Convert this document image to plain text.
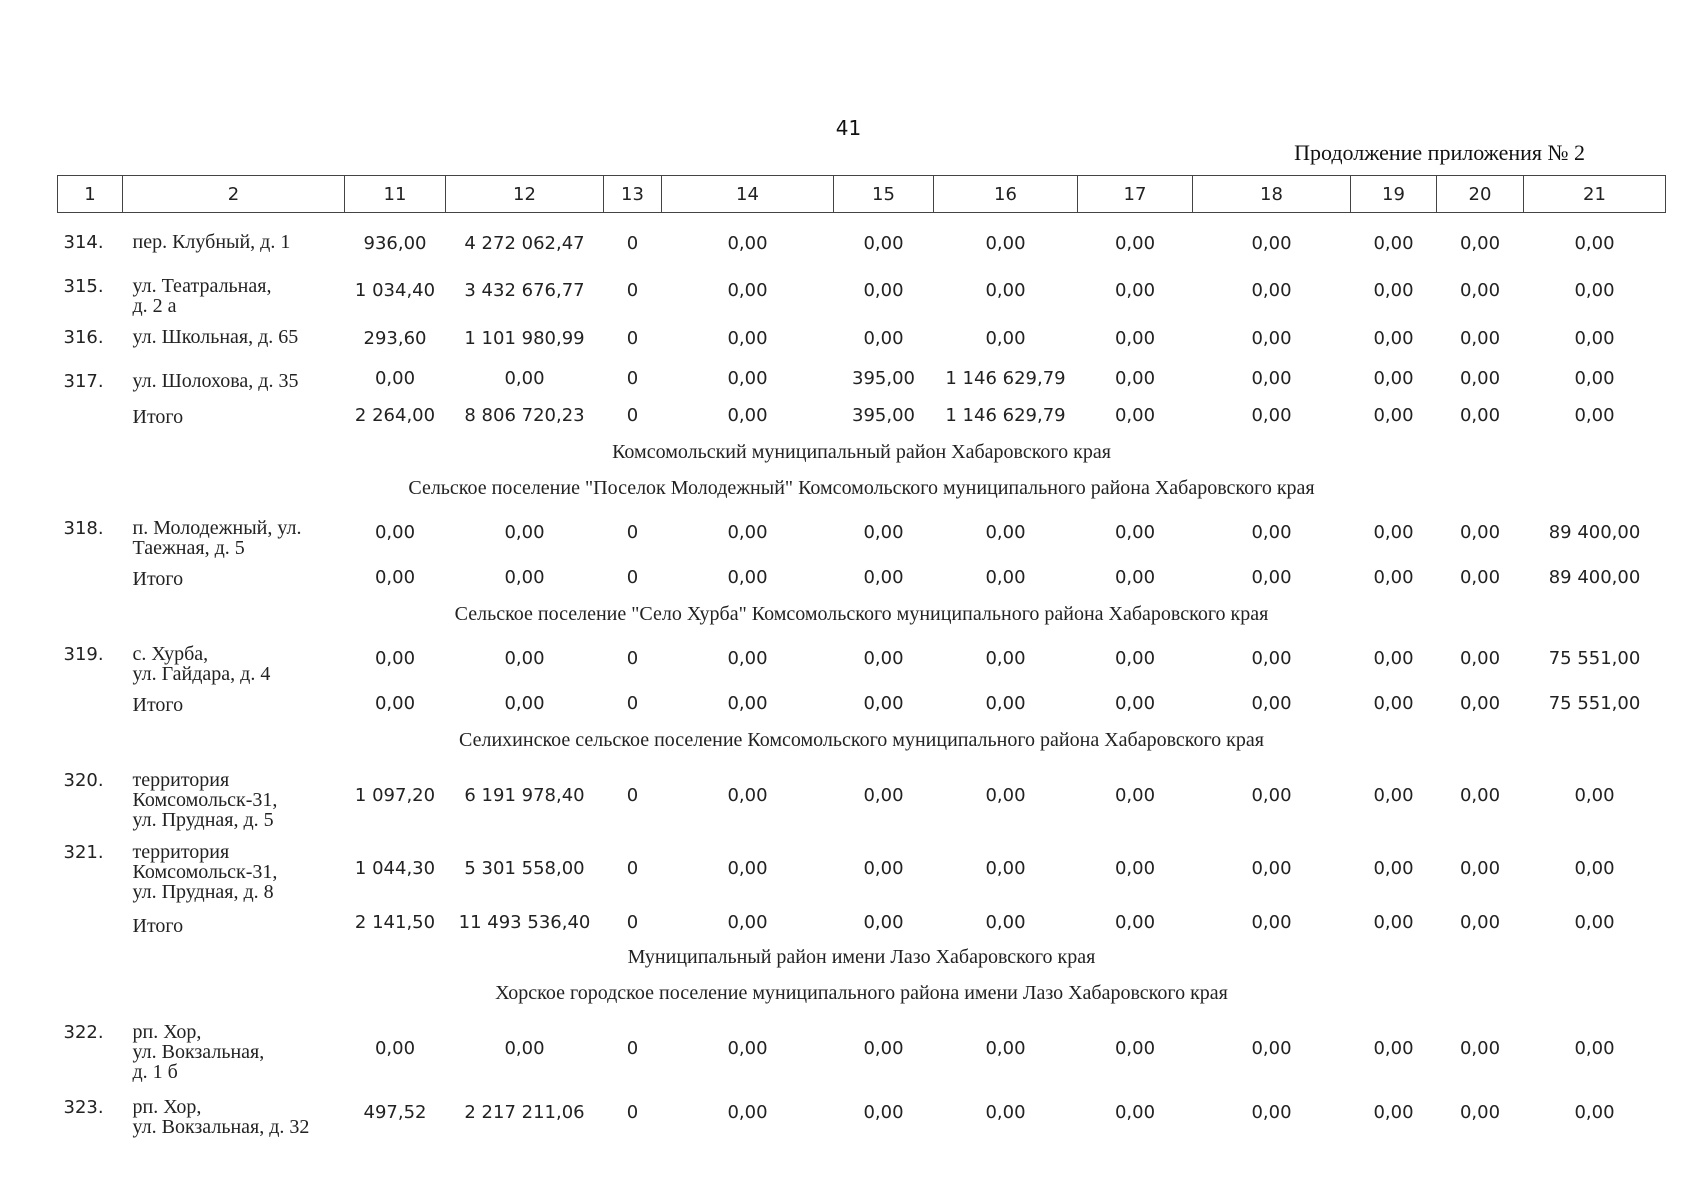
41
Продолжение приложения № 2
1	2	11	12	13	14	15	16	17	18	19	20	21

314.	пер. Клубный, д. 1	936,00	4 272 062,47	0	0,00	0,00	0,00	0,00	0,00	0,00	0,00	0,00
315.	ул. Театральная,
д. 2 а	1 034,40	3 432 676,77	0	0,00	0,00	0,00	0,00	0,00	0,00	0,00	0,00
316.	ул. Школьная, д. 65	293,60	1 101 980,99	0	0,00	0,00	0,00	0,00	0,00	0,00	0,00	0,00
317.	ул. Шолохова, д. 35	0,00	0,00	0	0,00	395,00	1 146 629,79	0,00	0,00	0,00	0,00	0,00
	Итого	2 264,00	8 806 720,23	0	0,00	395,00	1 146 629,79	0,00	0,00	0,00	0,00	0,00
Комсомольский муниципальный район Хабаровского края												
Сельское поселение "Поселок Молодежный" Комсомольского муниципального района Хабаровского края												
318.	п. Молодежный, ул.
Таежная, д. 5	0,00	0,00	0	0,00	0,00	0,00	0,00	0,00	0,00	0,00	89 400,00
	Итого	0,00	0,00	0	0,00	0,00	0,00	0,00	0,00	0,00	0,00	89 400,00
Сельское поселение "Село Хурба" Комсомольского муниципального района Хабаровского края												
319.	с. Хурба,
ул. Гайдара, д. 4	0,00	0,00	0	0,00	0,00	0,00	0,00	0,00	0,00	0,00	75 551,00
	Итого	0,00	0,00	0	0,00	0,00	0,00	0,00	0,00	0,00	0,00	75 551,00
Селихинское сельское поселение Комсомольского муниципального района Хабаровского края												
320.	территория
Комсомольск-31,
ул. Прудная, д. 5	1 097,20	6 191 978,40	0	0,00	0,00	0,00	0,00	0,00	0,00	0,00	0,00
321.	территория
Комсомольск-31,
ул. Прудная, д. 8	1 044,30	5 301 558,00	0	0,00	0,00	0,00	0,00	0,00	0,00	0,00	0,00
	Итого	2 141,50	11 493 536,40	0	0,00	0,00	0,00	0,00	0,00	0,00	0,00	0,00
Муниципальный район имени Лазо Хабаровского края												
Хорское городское поселение муниципального района имени Лазо Хабаровского края												
322.	рп. Хор,
ул. Вокзальная,
д. 1 б	0,00	0,00	0	0,00	0,00	0,00	0,00	0,00	0,00	0,00	0,00
323.	рп. Хор,
ул. Вокзальная, д. 32	497,52	2 217 211,06	0	0,00	0,00	0,00	0,00	0,00	0,00	0,00	0,00
